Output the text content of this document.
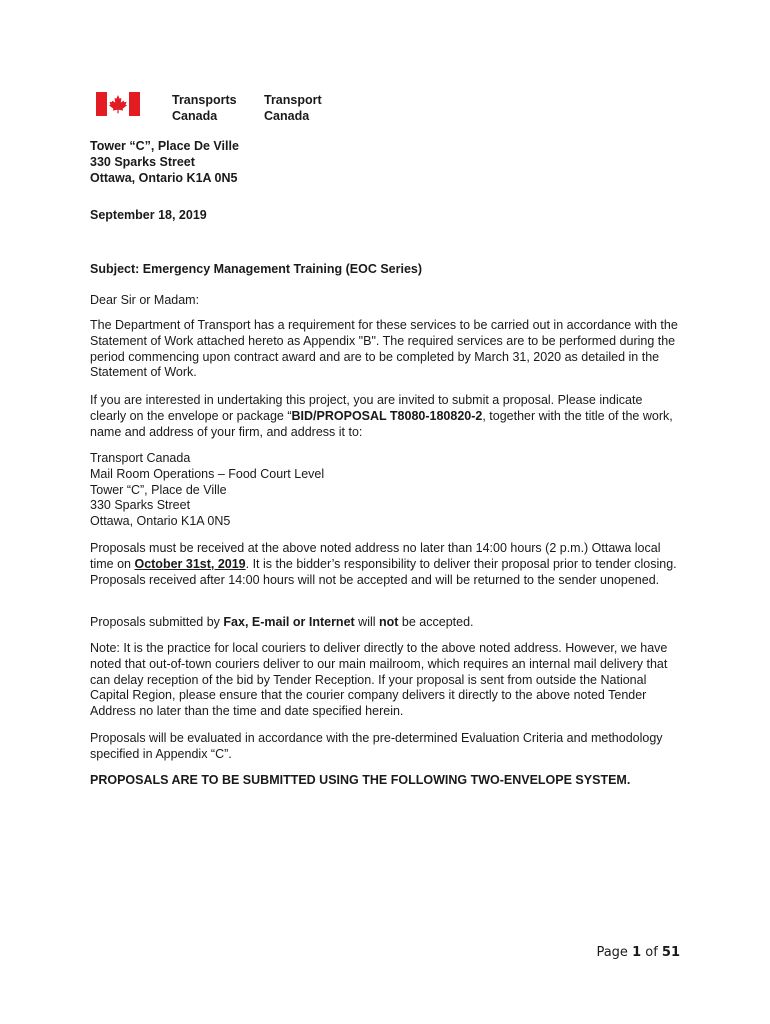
Transports
Canada
Transport
Canada
Tower “C”, Place De Ville
330 Sparks Street
Ottawa, Ontario K1A 0N5
September 18, 2019
Subject: Emergency Management Training (EOC Series)
Dear Sir or Madam:
The Department of Transport has a requirement for these services to be carried out in accordance with the Statement of Work attached hereto as Appendix "B". The required services are to be performed during the period commencing upon contract award and are to be completed by March 31, 2020 as detailed in the Statement of Work.
If you are interested in undertaking this project, you are invited to submit a proposal. Please indicate clearly on the envelope or package “BID/PROPOSAL T8080-180820-2, together with the title of the work, name and address of your firm, and address it to:
Transport Canada
Mail Room Operations – Food Court Level
Tower “C”, Place de Ville
330 Sparks Street
Ottawa, Ontario K1A 0N5
Proposals must be received at the above noted address no later than 14:00 hours (2 p.m.) Ottawa local time on October 31st, 2019. It is the bidder’s responsibility to deliver their proposal prior to tender closing. Proposals received after 14:00 hours will not be accepted and will be returned to the sender unopened.
Proposals submitted by Fax, E-mail or Internet will not be accepted.
Note: It is the practice for local couriers to deliver directly to the above noted address. However, we have noted that out-of-town couriers deliver to our main mailroom, which requires an internal mail delivery that can delay reception of the bid by Tender Reception. If your proposal is sent from outside the National Capital Region, please ensure that the courier company delivers it directly to the above noted Tender Address no later than the time and date specified herein.
Proposals will be evaluated in accordance with the pre-determined Evaluation Criteria and methodology specified in Appendix “C”.
PROPOSALS ARE TO BE SUBMITTED USING THE FOLLOWING TWO-ENVELOPE SYSTEM.
Page 1 of 51
